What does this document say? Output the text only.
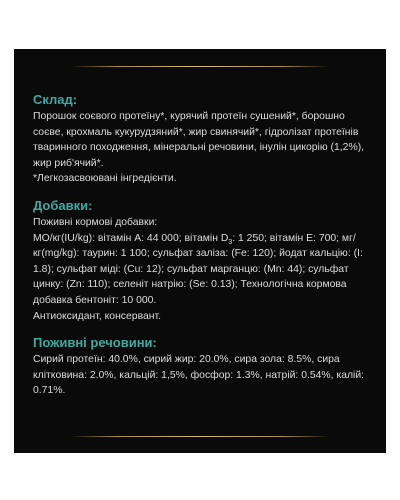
Склад:

Порошок соєвого протеїну*, курячий протеїн сушений*, борошно соєве, крохмаль кукурудзяний*, жир свинячий*, гідролізат протеїнів тваринного походження, мінеральні речовини, інулін цикорію (1,2%), жир риб'ячий*.

*Легкозасвоювані інгредієнти.

Добавки:

Поживні кормові добавки:

МО/кг(IU/kg): вітамін А: 44 000; вітамін $D_3$: 1 250; вітамін Е: 700; мг/кг(mg/kg): таурин: 1 100; сульфат заліза: (Fe: 120); йодат кальцію: (I: 1.8); сульфат міді: (Cu: 12); сульфат марганцю: (Mn: 44); сульфат цинку: (Zn: 110); селеніт натрію: (Se: 0.13); Технологічна кормова добавка бентоніт: 10 000.

Антиоксидант, консервант.

Поживні речовини:

Сирий протеїн: 40.0%, сирий жир: 20.0%, сира зола: 8.5%, сира клітковина: 2.0%, кальцій: 1,5%, фосфор: 1.3%, натрій: 0.54%, калій: 0.71%.
